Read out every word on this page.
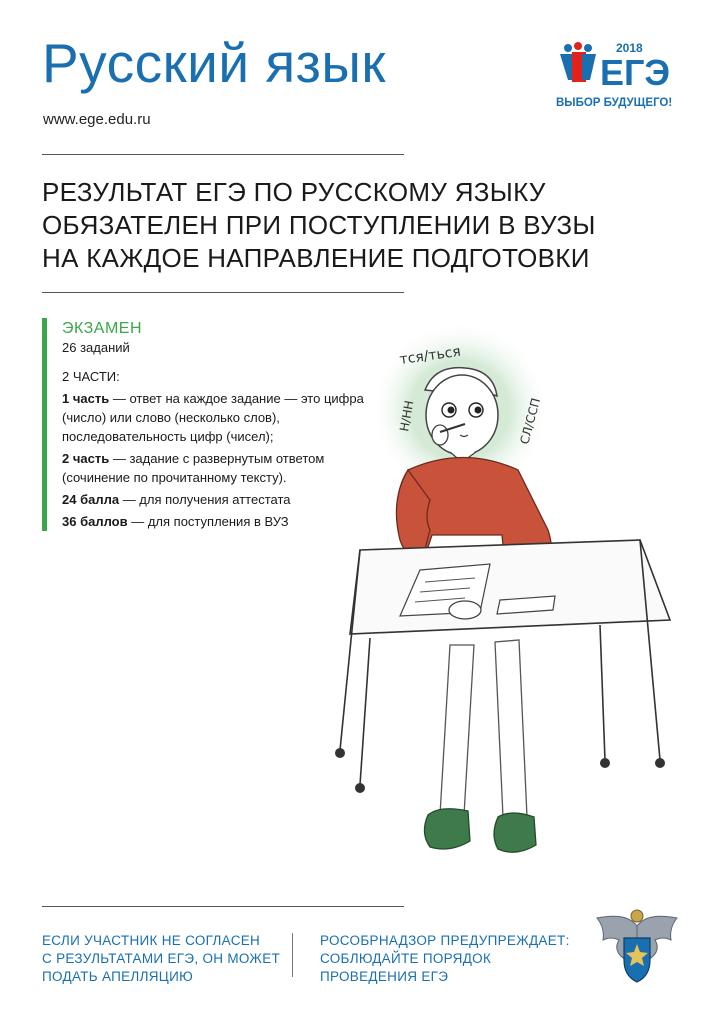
Русский язык
www.ege.edu.ru
2018
ЕГЭ
ВЫБОР БУДУЩЕГО!
РЕЗУЛЬТАТ ЕГЭ ПО РУССКОМУ ЯЗЫКУ
ОБЯЗАТЕЛЕН ПРИ ПОСТУПЛЕНИИ В ВУЗЫ
НА КАЖДОЕ НАПРАВЛЕНИЕ ПОДГОТОВКИ
ЭКЗАМЕН

26 заданий

2 ЧАСТИ:

1 часть — ответ на каждое задание — это цифра (число) или слово (несколько слов), последовательность цифр (чисел);

2 часть — задание с развернутым ответом (сочинение по прочитанному тексту).

24 балла — для получения аттестата

36 баллов — для поступления в ВУЗ

тся/ться
Н/НН	СЛ/ССП
ЕСЛИ УЧАСТНИК НЕ СОГЛАСЕН
С РЕЗУЛЬТАТАМИ ЕГЭ, ОН МОЖЕТ
ПОДАТЬ АПЕЛЛЯЦИЮ
РОСОБРНАДЗОР ПРЕДУПРЕЖДАЕТ:
СОБЛЮДАЙТЕ ПОРЯДОК
ПРОВЕДЕНИЯ ЕГЭ
